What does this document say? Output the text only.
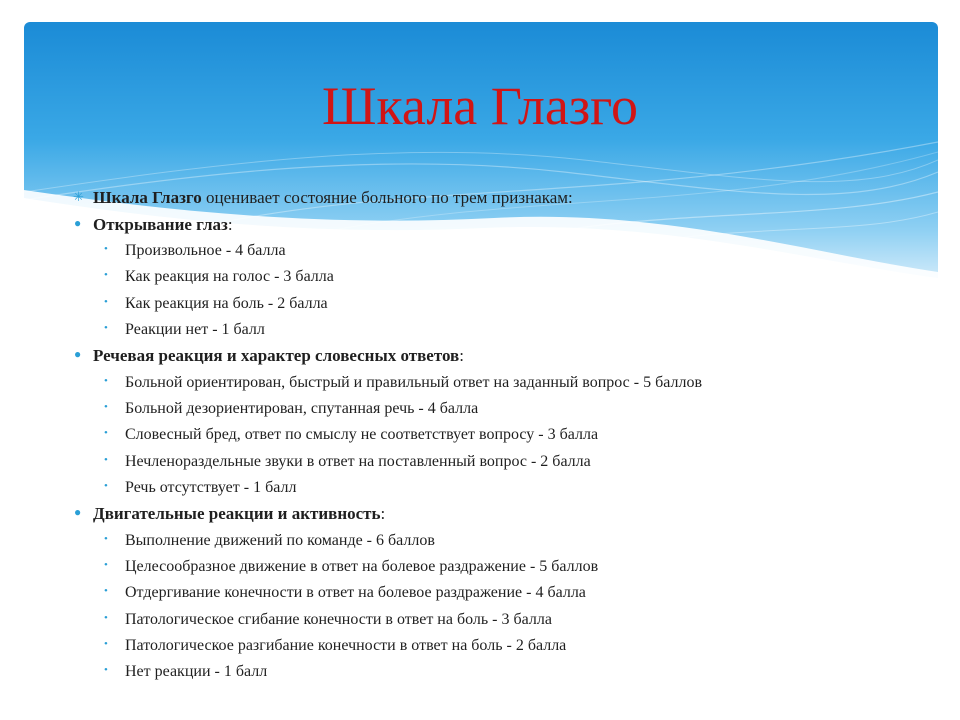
Шкала Глазго
✳ Шкала Глазго оценивает состояние больного по трем признакам:
● Открывание глаз:
• Произвольное - 4 балла
• Как реакция на голос - 3 балла
• Как реакция на боль - 2 балла
• Реакции нет - 1 балл
● Речевая реакция и характер словесных ответов:
• Больной ориентирован, быстрый и правильный ответ на заданный вопрос - 5 баллов
• Больной дезориентирован, спутанная речь - 4 балла
• Словесный бред, ответ по смыслу не соответствует вопросу - 3 балла
• Нечленораздельные звуки в ответ на поставленный вопрос - 2 балла
• Речь отсутствует - 1 балл
● Двигательные реакции и активность:
• Выполнение движений по команде - 6 баллов
• Целесообразное движение в ответ на болевое раздражение - 5 баллов
• Отдергивание конечности в ответ на болевое раздражение - 4 балла
• Патологическое сгибание конечности в ответ на боль - 3 балла
• Патологическое разгибание конечности в ответ на боль - 2 балла
• Нет реакции - 1 балл
